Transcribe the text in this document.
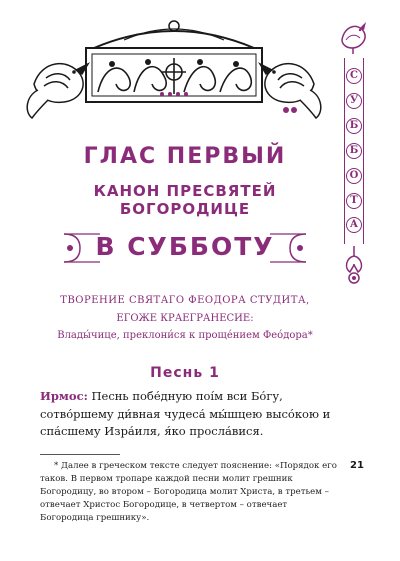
С
У
Б
Б
О
Т
А
ГЛАС ПЕРВЫЙ
КАНОН ПРЕСВЯТЕЙ БОГОРОДИЦЕ
В СУББОТУ
ТВОРЕНИЕ СВЯТАГО ФЕОДОРА СТУДИТА,
ЕГОЖЕ КРАЕГРАНЕСИЕ:
Влады́чице, преклони́ся к проще́нием Фео́дора*
Песнь 1

Ирмос: Песнь побе́дную поі́м вси Бо́гу, сотво́ршему ди́вная чудеса́ мы́шцею высо́кою и спа́сшему Изра́иля, я́ко просла́вися.

* Далее в греческом тексте следует пояснение: «Порядок его таков. В первом тропаре каждой песни молит грешник Богородицу, во втором – Богородица молит Христа, в третьем – отвечает Христос Богородице, в четвертом – отвечает Богородица грешнику».

21
